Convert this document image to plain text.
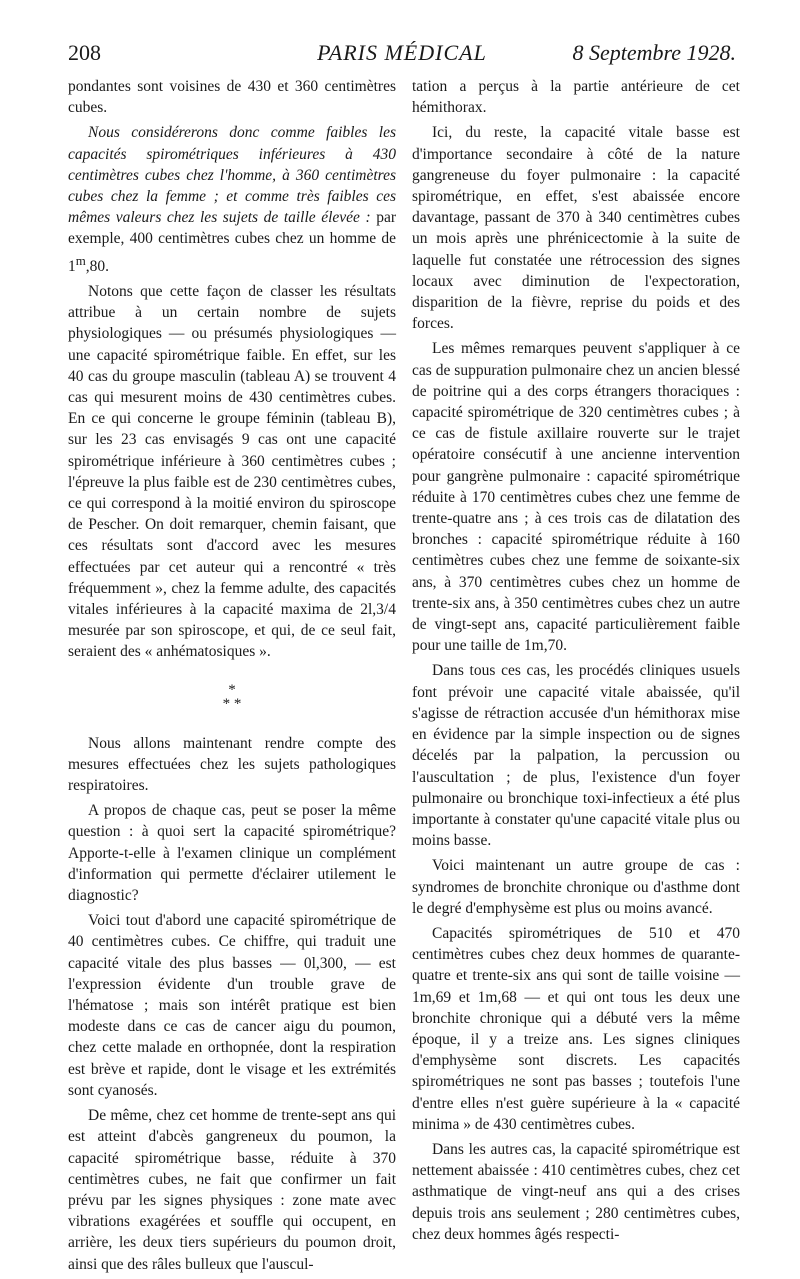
208	PARIS MÉDICAL	8 Septembre 1928.

pondantes sont voisines de 430 et 360 centimètres cubes.

Nous considérerons donc comme faibles les capacités spirométriques inférieures à 430 centimètres cubes chez l'homme, à 360 centimètres cubes chez la femme ; et comme très faibles ces mêmes valeurs chez les sujets de taille élevée : par exemple, 400 centimètres cubes chez un homme de 1$^m$,80.

Notons que cette façon de classer les résultats attribue à un certain nombre de sujets physiologiques — ou présumés physiologiques — une capacité spirométrique faible. En effet, sur les 40 cas du groupe masculin (tableau A) se trouvent 4 cas qui mesurent moins de 430 centimètres cubes. En ce qui concerne le groupe féminin (tableau B), sur les 23 cas envisagés 9 cas ont une capacité spirométrique inférieure à 360 centimètres cubes ; l'épreuve la plus faible est de 230 centimètres cubes, ce qui correspond à la moitié environ du spiroscope de Pescher. On doit remarquer, chemin faisant, que ces résultats sont d'accord avec les mesures effectuées par cet auteur qui a rencontré « très fréquemment », chez la femme adulte, des capacités vitales inférieures à la capacité maxima de 2l,3/4 mesurée par son spiroscope, et qui, de ce seul fait, seraient des « anhématosiques ».

*
* *

Nous allons maintenant rendre compte des mesures effectuées chez les sujets pathologiques respiratoires.

A propos de chaque cas, peut se poser la même question : à quoi sert la capacité spirométrique? Apporte-t-elle à l'examen clinique un complément d'information qui permette d'éclairer utilement le diagnostic?

Voici tout d'abord une capacité spirométrique de 40 centimètres cubes. Ce chiffre, qui traduit une capacité vitale des plus basses — 0l,300, — est l'expression évidente d'un trouble grave de l'hématose ; mais son intérêt pratique est bien modeste dans ce cas de cancer aigu du poumon, chez cette malade en orthopnée, dont la respiration est brève et rapide, dont le visage et les extrémités sont cyanosés.

De même, chez cet homme de trente-sept ans qui est atteint d'abcès gangreneux du poumon, la capacité spirométrique basse, réduite à 370 centimètres cubes, ne fait que confirmer un fait prévu par les signes physiques : zone mate avec vibrations exagérées et souffle qui occupent, en arrière, les deux tiers supérieurs du poumon droit, ainsi que des râles bulleux que l'auscul-

tation a perçus à la partie antérieure de cet hémithorax.

Ici, du reste, la capacité vitale basse est d'importance secondaire à côté de la nature gangreneuse du foyer pulmonaire : la capacité spirométrique, en effet, s'est abaissée encore davantage, passant de 370 à 340 centimètres cubes un mois après une phrénicectomie à la suite de laquelle fut constatée une rétrocession des signes locaux avec diminution de l'expectoration, disparition de la fièvre, reprise du poids et des forces.

Les mêmes remarques peuvent s'appliquer à ce cas de suppuration pulmonaire chez un ancien blessé de poitrine qui a des corps étrangers thoraciques : capacité spirométrique de 320 centimètres cubes ; à ce cas de fistule axillaire rouverte sur le trajet opératoire consécutif à une ancienne intervention pour gangrène pulmonaire : capacité spirométrique réduite à 170 centimètres cubes chez une femme de trente-quatre ans ; à ces trois cas de dilatation des bronches : capacité spirométrique réduite à 160 centimètres cubes chez une femme de soixante-six ans, à 370 centimètres cubes chez un homme de trente-six ans, à 350 centimètres cubes chez un autre de vingt-sept ans, capacité particulièrement faible pour une taille de 1m,70.

Dans tous ces cas, les procédés cliniques usuels font prévoir une capacité vitale abaissée, qu'il s'agisse de rétraction accusée d'un hémithorax mise en évidence par la simple inspection ou de signes décelés par la palpation, la percussion ou l'auscultation ; de plus, l'existence d'un foyer pulmonaire ou bronchique toxi-infectieux a été plus importante à constater qu'une capacité vitale plus ou moins basse.

Voici maintenant un autre groupe de cas : syndromes de bronchite chronique ou d'asthme dont le degré d'emphysème est plus ou moins avancé.

Capacités spirométriques de 510 et 470 centimètres cubes chez deux hommes de quarante-quatre et trente-six ans qui sont de taille voisine — 1m,69 et 1m,68 — et qui ont tous les deux une bronchite chronique qui a débuté vers la même époque, il y a treize ans. Les signes cliniques d'emphysème sont discrets. Les capacités spirométriques ne sont pas basses ; toutefois l'une d'entre elles n'est guère supérieure à la « capacité minima » de 430 centimètres cubes.

Dans les autres cas, la capacité spirométrique est nettement abaissée : 410 centimètres cubes, chez cet asthmatique de vingt-neuf ans qui a des crises depuis trois ans seulement ; 280 centimètres cubes, chez deux hommes âgés respecti-
